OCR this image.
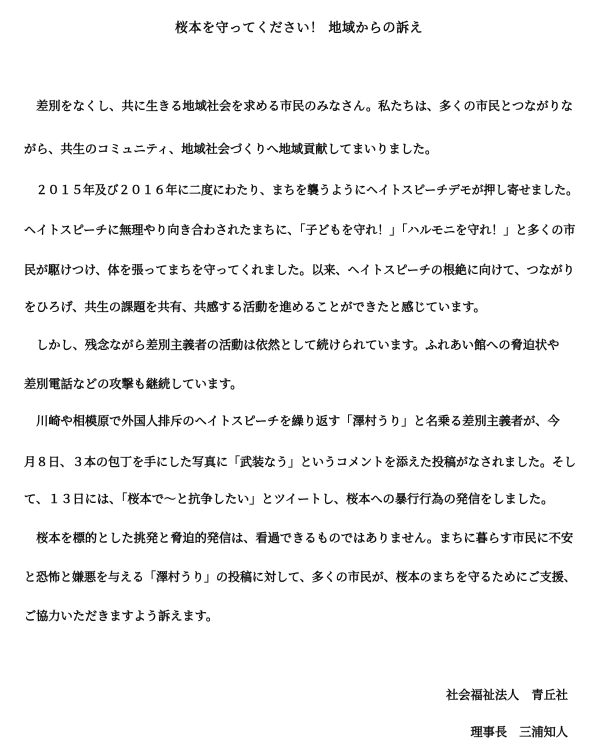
桜本を守ってください！ 地域からの訴え
　差別をなくし、共に生きる地域社会を求める市民のみなさん。私たちは、多くの市民とつながりな
がら、共生のコミュニティ、地域社会づくりへ地域貢献してまいりました。
　２０１５年及び２０１６年に二度にわたり、まちを襲うようにヘイトスピーチデモが押し寄せました。
ヘイトスピーチに無理やり向き合わされたまちに、「子どもを守れ！」「ハルモニを守れ！」と多くの市
民が駆けつけ、体を張ってまちを守ってくれました。以来、ヘイトスピーチの根絶に向けて、つながり
をひろげ、共生の課題を共有、共感する活動を進めることができたと感じています。
　しかし、残念ながら差別主義者の活動は依然として続けられています。ふれあい館への脅迫状や
差別電話などの攻撃も継続しています。
　川崎や相模原で外国人排斥のヘイトスピーチを繰り返す「澤村うり」と名乗る差別主義者が、今
月８日、３本の包丁を手にした写真に「武装なう」というコメントを添えた投稿がなされました。そし
て、１３日には、「桜本で～と抗争したい」とツイートし、桜本への暴行行為の発信をしました。
　桜本を標的とした挑発と脅迫的発信は、看過できるものではありません。まちに暮らす市民に不安
と恐怖と嫌悪を与える「澤村うり」の投稿に対して、多くの市民が、桜本のまちを守るためにご支援、
ご協力いただきますよう訴えます。
社会福祉法人　青丘社
理事長　三浦知人
